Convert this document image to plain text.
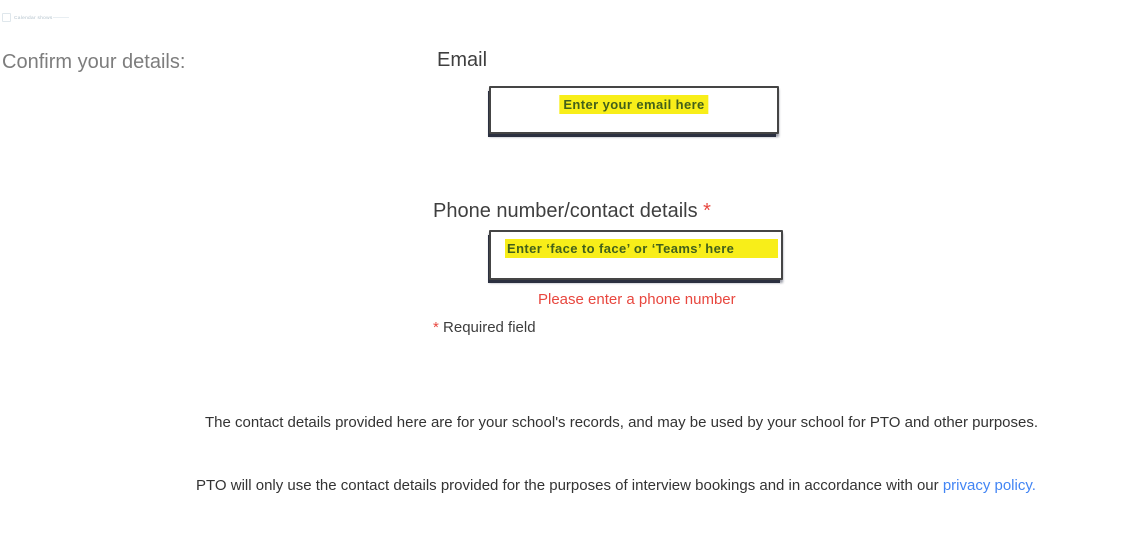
Calendar shows
Confirm your details:	Email
Enter your email here
Phone number/contact details *
Enter ‘face to face’ or ‘Teams’ here
Please enter a phone number
* Required field
The contact details provided here are for your school's records, and may be used by your school for PTO and other purposes.
PTO will only use the contact details provided for the purposes of interview bookings and in accordance with our privacy policy.
